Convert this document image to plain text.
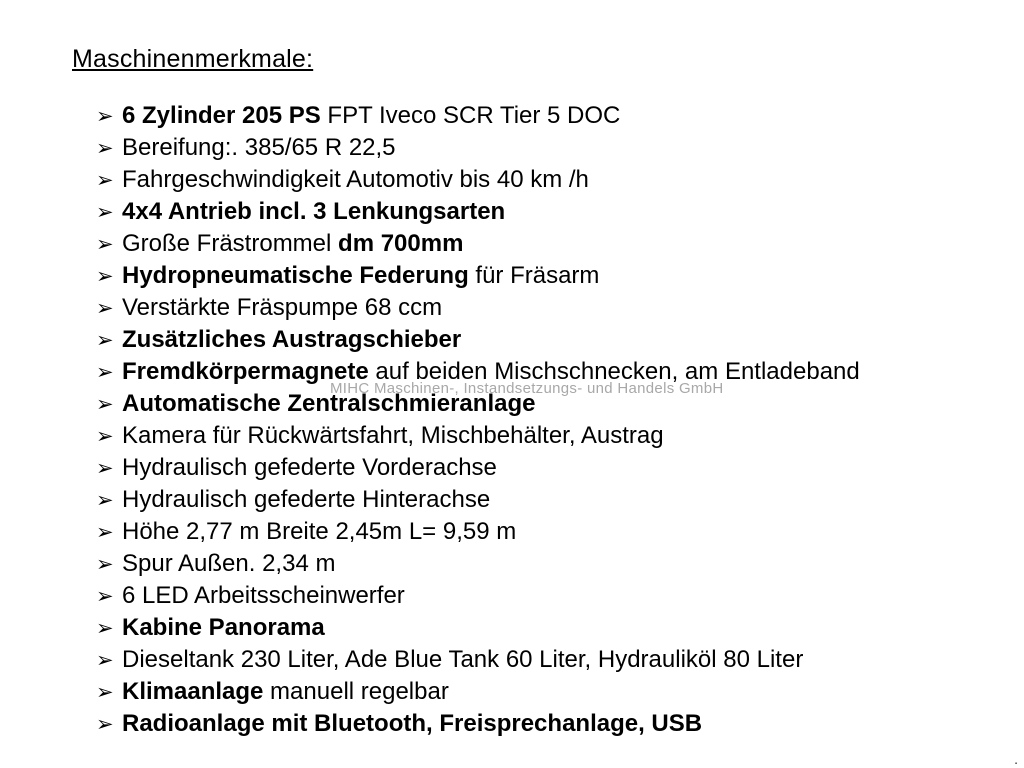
Maschinenmerkmale:
➢ 6 Zylinder 205 PS FPT Iveco SCR Tier 5 DOC
➢ Bereifung:. 385/65 R 22,5
➢ Fahrgeschwindigkeit Automotiv bis 40 km /h
➢ 4x4 Antrieb incl. 3 Lenkungsarten
➢ Große Frästrommel dm 700mm
➢ Hydropneumatische Federung für Fräsarm
➢ Verstärkte Fräspumpe 68 ccm
➢ Zusätzliches Austragschieber
➢ Fremdkörpermagnete auf beiden Mischschnecken, am Entladeband
➢ Automatische Zentralschmieranlage
➢ Kamera für Rückwärtsfahrt, Mischbehälter, Austrag
➢ Hydraulisch gefederte Vorderachse
➢ Hydraulisch gefederte Hinterachse
➢ Höhe 2,77 m Breite 2,45m L= 9,59 m
➢ Spur Außen. 2,34 m
➢ 6 LED Arbeitsscheinwerfer
➢ Kabine Panorama
➢ Dieseltank 230 Liter, Ade Blue Tank 60 Liter, Hydrauliköl 80 Liter
➢ Klimaanlage manuell regelbar
➢ Radioanlage mit Bluetooth, Freisprechanlage, USB
MIHC Maschinen-, Instandsetzungs- und Handels GmbH
.
